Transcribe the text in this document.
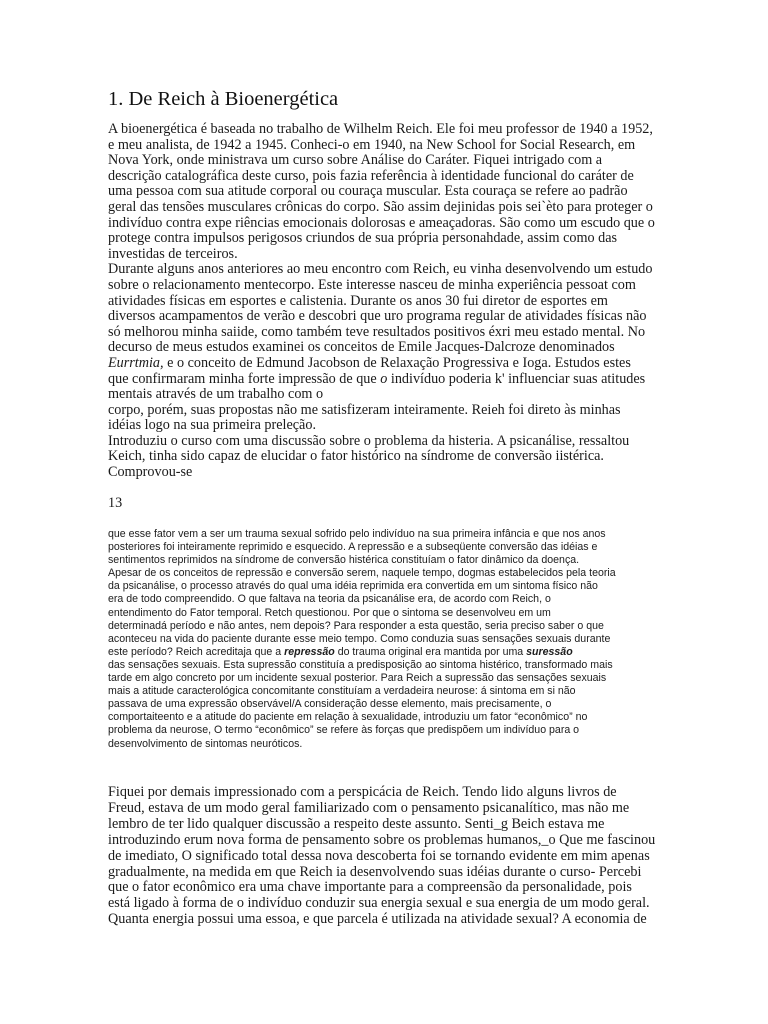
1. De Reich à Bioenergética
A bioenergética é baseada no trabalho de Wilhelm Reich. Ele foi meu professor de 1940 a 1952,
e meu analista, de 1942 a 1945. Conheci-o em 1940, na New School for Social Research, em
Nova York, onde ministrava um curso sobre Análise do Caráter. Fiquei intrigado com a
descrição catalográfica deste curso, pois fazia referência à identidade funcional do caráter de
uma pessoa com sua atitude corporal ou couraça muscular. Esta couraça se refere ao padrão
geral das tensões musculares crônicas do corpo. São assim dejinidas pois sei`èto para proteger o
indivíduo contra expe riências emocionais dolorosas e ameaçadoras. São como um escudo que o
protege contra impulsos perigosos criundos de sua própria personahdade, assim como das
investidas de terceiros.
Durante alguns anos anteriores ao meu encontro com Reich, eu vinha desenvolvendo um estudo
sobre o relacionamento mentecorpo. Este interesse nasceu de minha experiência pessoat com
atividades físicas em esportes e calistenia. Durante os anos 30 fui diretor de esportes em
diversos acampamentos de verão e descobri que uro programa regular de atividades físicas não
só melhorou minha saiide, como também teve resultados positivos éxri meu estado mental. No
decurso de meus estudos examinei os conceitos de Emile Jacques-Dalcroze denominados
Eurrtmia, e o conceito de Edmund Jacobson de Relaxação Progressiva e Ioga. Estudos estes
que confirmaram minha forte impressão de que o indivíduo poderia k' influenciar suas atitudes
mentais através de um trabalho com o
corpo, porém, suas propostas não me satisfizeram inteiramente. Reieh foi direto às minhas
idéias logo na sua primeira preleção.
Introduziu o curso com uma discussão sobre o problema da histeria. A psicanálise, ressaltou
Keich, tinha sido capaz de elucidar o fator histórico na síndrome de conversão iistérica.
Comprovou-se
13
que esse fator vem a ser um trauma sexual sofrido pelo indivíduo na sua primeira infância e que nos anos
posteriores foi inteiramente reprimido e esquecido. A repressão e a subseqüente conversão das idéias e
sentimentos reprimidos na síndrome de conversão histérica constituíam o fator dinâmico da doença.
Apesar de os conceitos de repressão e conversão serem, naquele tempo, dogmas estabelecidos pela teoria
da psicanálise, o processo através do qual uma idéia reprimida era convertida em um sintoma físico não
era de todo compreendido. O que faltava na teoria da psicanálise era, de acordo com Reich, o
entendimento do Fator temporal. Retch questionou. Por que o sintoma se desenvolveu em um
determinadá período e não antes, nem depois? Para responder a esta questão, seria preciso saber o que
aconteceu na vida do paciente durante esse meio tempo. Como conduzia suas sensações sexuais durante
este período? Reich acreditaja que a repressão do trauma original era mantida por uma suressão
das sensações sexuais. Esta supressão constituía a predisposição ao sintoma histérico, transformado mais
tarde em algo concreto por um incidente sexual posterior. Para Reich a supressão das sensações sexuais
mais a atitude caracterológica concomitante constituíam a verdadeira neurose: á sintoma em si não
passava de uma expressão observável/A consideração desse elemento, mais precisamente, o
comportaiteento e a atitude do paciente em relação à sexualidade, introduziu um fator “econômico” no
problema da neurose, O termo “econômico” se refere às forças que predispõem um indivíduo para o
desenvolvimento de sintomas neuróticos.
Fiquei por demais impressionado com a perspicácia de Reich. Tendo lido alguns livros de
Freud, estava de um modo geral familiarizado com o pensamento psicanalítico, mas não me
lembro de ter lido qualquer discussão a respeito deste assunto. Senti_g Beich estava me
introduzindo erum nova forma de pensamento sobre os problemas humanos,_o Que me fascinou
de imediato, O significado total dessa nova descoberta foi se tornando evidente em mim apenas
gradualmente, na medida em que Reich ia desenvolvendo suas idéias durante o curso- Percebi
que o fator econômico era uma chave importante para a compreensão da personalidade, pois
está ligado à forma de o indivíduo conduzir sua energia sexual e sua energia de um modo geral.
Quanta energia possui uma essoa, e que parcela é utilizada na atividade sexual? A economia de
